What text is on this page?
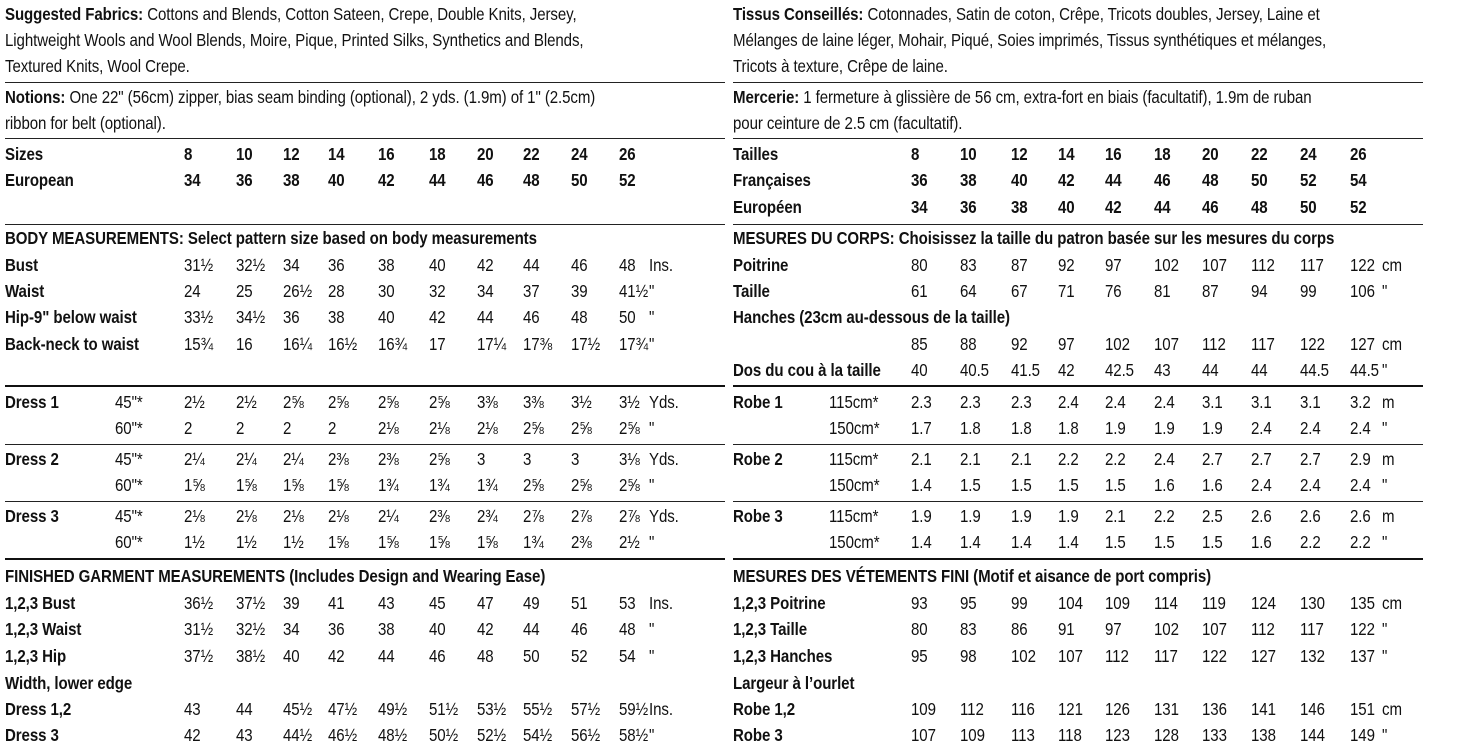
Suggested Fabrics: Cottons and Blends, Cotton Sateen, Crepe, Double Knits, Jersey,
Lightweight Wools and Wool Blends, Moire, Pique, Printed Silks, Synthetics and Blends,
Textured Knits, Wool Crepe.
Notions: One 22" (56cm) zipper, bias seam binding (optional), 2 yds. (1.9m) of 1" (2.5cm)
ribbon for belt (optional).
Sizes	8 10 12 14 16 18 20 22 24 26
European	34 36 38 40 42 44 46 48 50 52
BODY MEASUREMENTS: Select pattern size based on body measurements
Bust	31½ 32½ 34 36 38 40 42 44 46 48 Ins.
Waist	24 25 26½ 28 30 32 34 37 39 41½ "
Hip-9" below waist	33½ 34½ 36 38 40 42 44 46 48 50 "
Back-neck to waist	15¾ 16 16¼ 16½ 16¾ 17 17¼ 17⅜ 17½ 17¾ "
Dress 1	45"* 2½ 2½ 2⅝ 2⅝ 2⅝ 2⅝ 3⅜ 3⅜ 3½ 3½ Yds.
60"* 2 2 2 2 2⅛ 2⅛ 2⅛ 2⅝ 2⅝ 2⅝ "
Dress 2	45"* 2¼ 2¼ 2¼ 2⅜ 2⅜ 2⅝ 3 3 3 3⅛ Yds.
60"* 1⅝ 1⅝ 1⅝ 1⅝ 1¾ 1¾ 1¾ 2⅝ 2⅝ 2⅝ "
Dress 3	45"* 2⅛ 2⅛ 2⅛ 2⅛ 2¼ 2⅜ 2¾ 2⅞ 2⅞ 2⅞ Yds.
60"* 1½ 1½ 1½ 1⅝ 1⅝ 1⅝ 1⅝ 1¾ 2⅜ 2½ "
FINISHED GARMENT MEASUREMENTS (Includes Design and Wearing Ease)
1,2,3 Bust	36½ 37½ 39 41 43 45 47 49 51 53 Ins.
1,2,3 Waist	31½ 32½ 34 36 38 40 42 44 46 48 "
1,2,3 Hip	37½ 38½ 40 42 44 46 48 50 52 54 "
Width, lower edge
Dress 1,2	43 44 45½ 47½ 49½ 51½ 53½ 55½ 57½ 59½ Ins.
Dress 3	42 43 44½ 46½ 48½ 50½ 52½ 54½ 56½ 58½ "
Tissus Conseillés: Cotonnades, Satin de coton, Crêpe, Tricots doubles, Jersey, Laine et
Mélanges de laine léger, Mohair, Piqué, Soies imprimés, Tissus synthétiques et mélanges,
Tricots à texture, Crêpe de laine.
Mercerie: 1 fermeture à glissière de 56 cm, extra-fort en biais (facultatif), 1.9m de ruban
pour ceinture de 2.5 cm (facultatif).
Tailles	8 10 12 14 16 18 20 22 24 26
Françaises	36 38 40 42 44 46 48 50 52 54
Européen	34 36 38 40 42 44 46 48 50 52
MESURES DU CORPS: Choisissez la taille du patron basée sur les mesures du corps
Poitrine	80 83 87 92 97 102 107 112 117 122 cm
Taille	61 64 67 71 76 81 87 94 99 106 "
Hanches (23cm au-dessous de la taille)
85 88 92 97 102 107 112 117 122 127 cm
Dos du cou à la taille 40 40.5 41.5 42 42.5 43 44 44 44.5 44.5 "
Robe 1	115cm* 2.3 2.3 2.3 2.4 2.4 2.4 3.1 3.1 3.1 3.2 m
150cm* 1.7 1.8 1.8 1.8 1.9 1.9 1.9 2.4 2.4 2.4 "
Robe 2	115cm* 2.1 2.1 2.1 2.2 2.2 2.4 2.7 2.7 2.7 2.9 m
150cm* 1.4 1.5 1.5 1.5 1.5 1.6 1.6 2.4 2.4 2.4 "
Robe 3	115cm* 1.9 1.9 1.9 1.9 2.1 2.2 2.5 2.6 2.6 2.6 m
150cm* 1.4 1.4 1.4 1.4 1.5 1.5 1.5 1.6 2.2 2.2 "
MESURES DES VÉTEMENTS FINI (Motif et aisance de port compris)
1,2,3 Poitrine	93 95 99 104 109 114 119 124 130 135 cm
1,2,3 Taille	80 83 86 91 97 102 107 112 117 122 "
1,2,3 Hanches	95 98 102 107 112 117 122 127 132 137 "
Largeur à l’ourlet
Robe 1,2	109 112 116 121 126 131 136 141 146 151 cm
Robe 3	107 109 113 118 123 128 133 138 144 149 "
